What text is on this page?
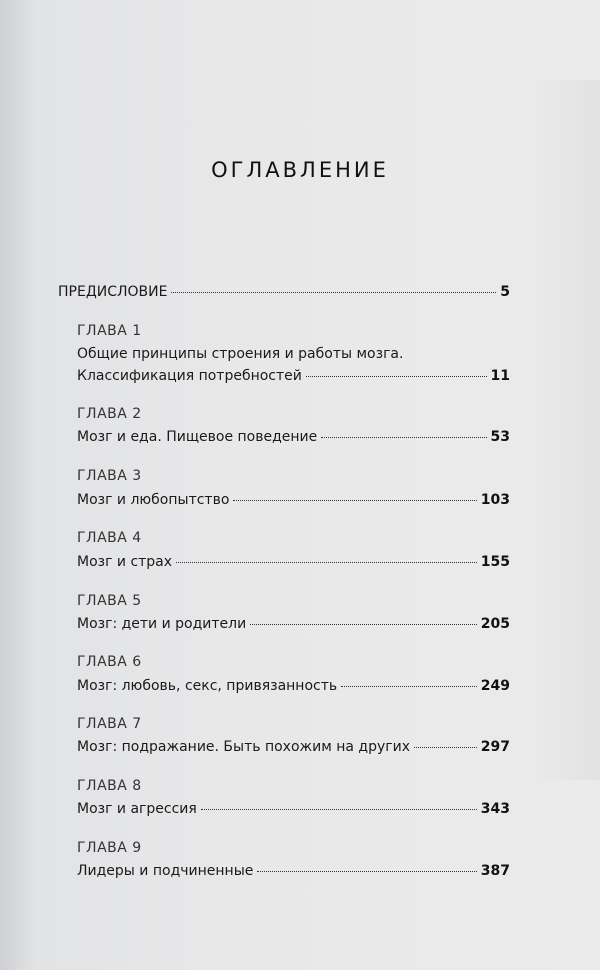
ОГЛАВЛЕНИЕ
ПРЕДИСЛОВИЕ	5
ГЛАВА 1
Общие принципы строения и работы мозга.
Классификация потребностей	11
ГЛАВА 2
Мозг и еда. Пищевое поведение	53
ГЛАВА 3
Мозг и любопытство	103
ГЛАВА 4
Мозг и страх	155
ГЛАВА 5
Мозг: дети и родители	205
ГЛАВА 6
Мозг: любовь, секс, привязанность	249
ГЛАВА 7
Мозг: подражание. Быть похожим на других	297
ГЛАВА 8
Мозг и агрессия	343
ГЛАВА 9
Лидеры и подчиненные	387
